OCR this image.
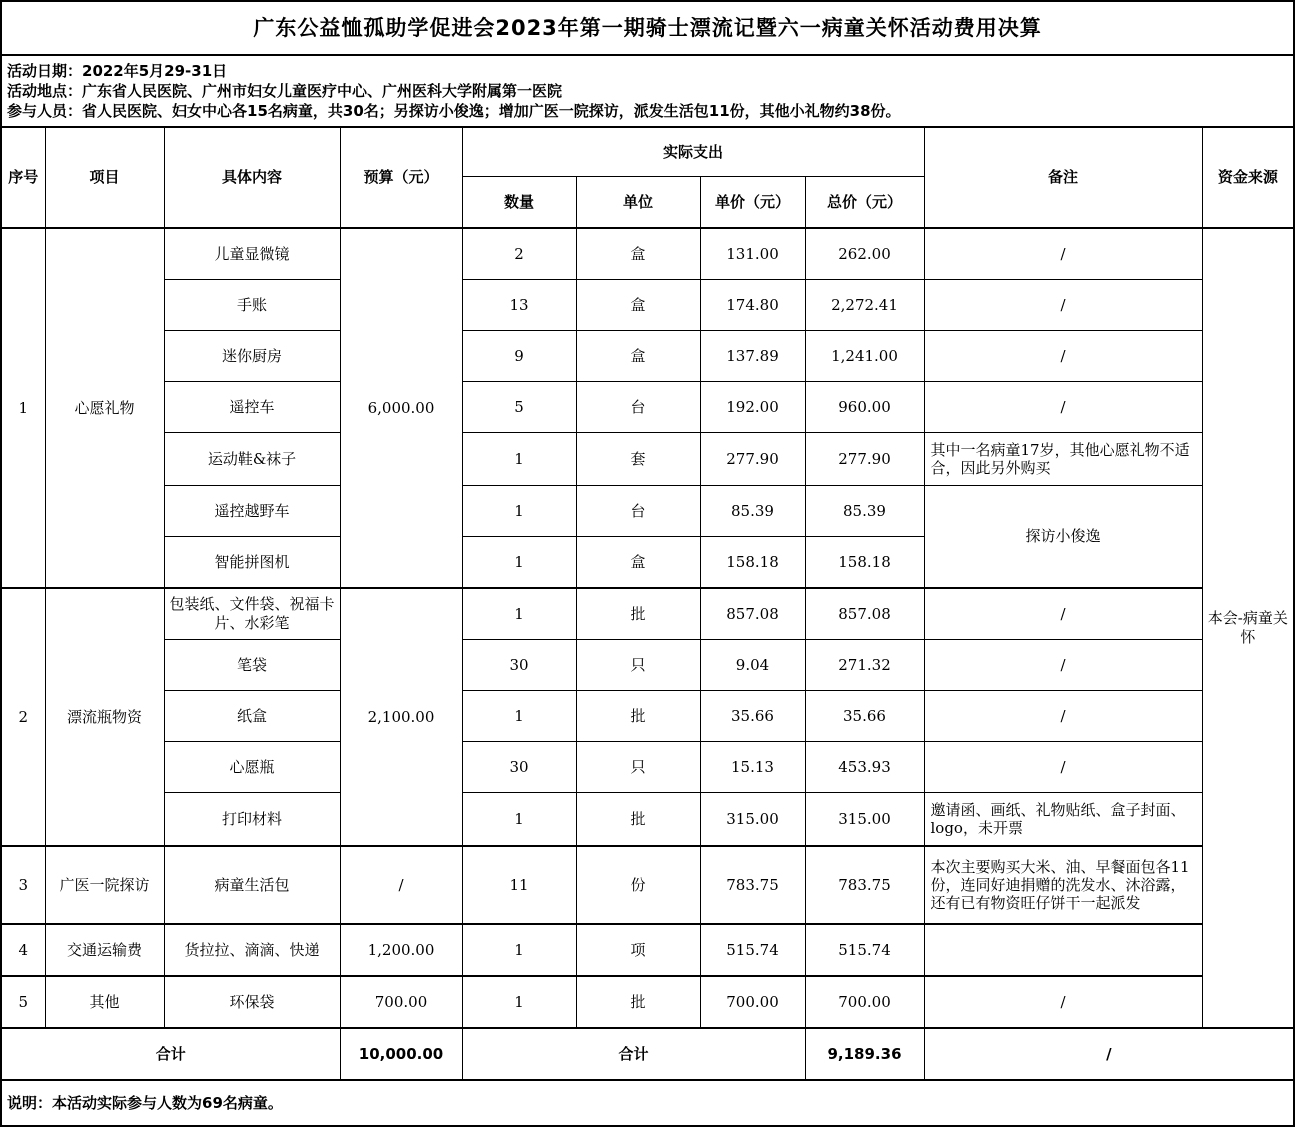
广东公益恤孤助学促进会2023年第一期骑士漂流记暨六一病童关怀活动费用决算									

活动日期：2022年5月29-31日
活动地点：广东省人民医院、广州市妇女儿童医疗中心、广州医科大学附属第一医院
参与人员：省人民医院、妇女中心各15名病童，共30名；另探访小俊逸；增加广医一院探访，派发生活包11份，其他小礼物约38份。									

序号	项目	具体内容	预算（元）	实际支出				备注	资金来源
				数量	单位	单价（元）	总价（元）		
1	心愿礼物	儿童显微镜	6,000.00	2	盒	131.00	262.00	/	本会-病童关怀
		手账		13	盒	174.80	2,272.41	/	
		迷你厨房		9	盒	137.89	1,241.00	/	
		遥控车		5	台	192.00	960.00	/	
		运动鞋&袜子		1	套	277.90	277.90	其中一名病童17岁，其他心愿礼物不适合，因此另外购买	
		遥控越野车		1	台	85.39	85.39	探访小俊逸	
		智能拼图机		1	盒	158.18	158.18		
2	漂流瓶物资	包装纸、文件袋、祝福卡片、水彩笔	2,100.00	1	批	857.08	857.08	/	
		笔袋		30	只	9.04	271.32	/	
		纸盒		1	批	35.66	35.66	/	
		心愿瓶		30	只	15.13	453.93	/	
		打印材料		1	批	315.00	315.00	邀请函、画纸、礼物贴纸、盒子封面、logo，未开票	
3	广医一院探访	病童生活包	/	11	份	783.75	783.75	本次主要购买大米、油、早餐面包各11份，连同好迪捐赠的洗发水、沐浴露，还有已有物资旺仔饼干一起派发	

4	交通运输费	货拉拉、滴滴、快递	1,200.00	1	项	515.74	515.74		
5	其他	环保袋	700.00	1	批	700.00	700.00	/	
合计			10,000.00	合计			9,189.36	/	
说明：本活动实际参与人数为69名病童。									
